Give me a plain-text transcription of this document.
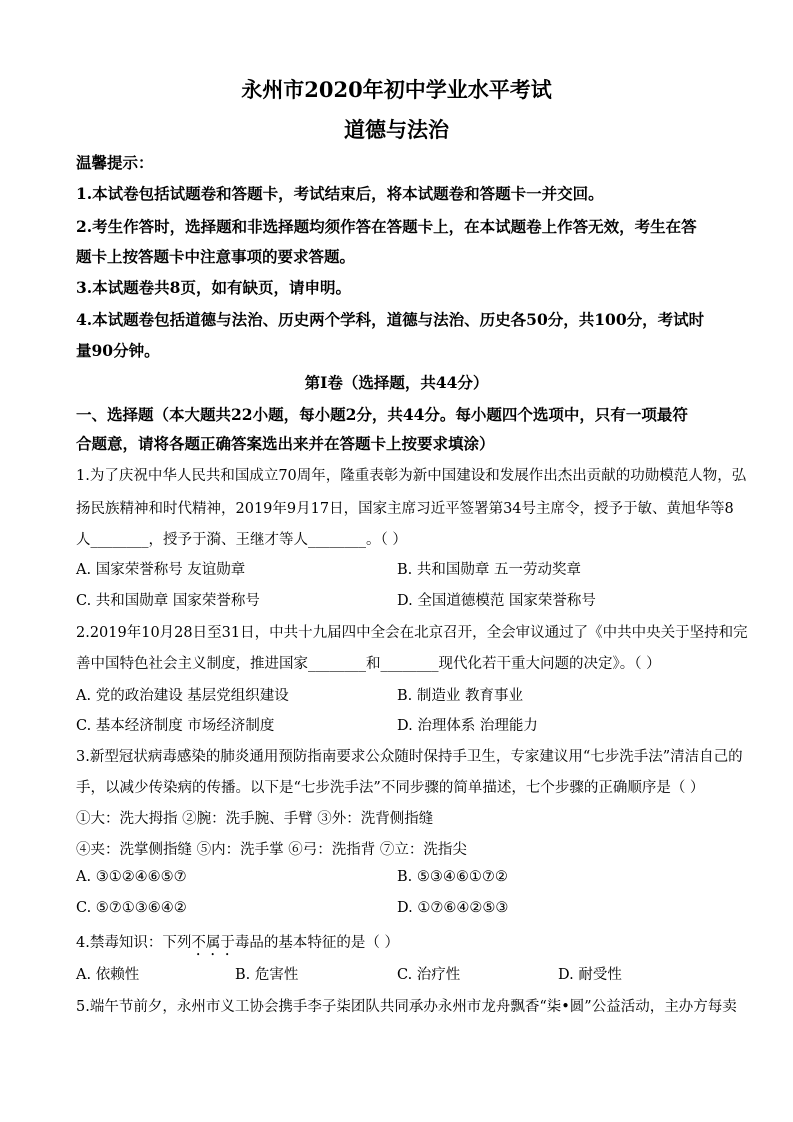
永州市2020年初中学业水平考试
道德与法治
温馨提示：
1.本试卷包括试题卷和答题卡，考试结束后，将本试题卷和答题卡一并交回。
2.考生作答时，选择题和非选择题均须作答在答题卡上，在本试题卷上作答无效，考生在答
题卡上按答题卡中注意事项的要求答题。
3.本试题卷共8页，如有缺页，请申明。
4.本试题卷包括道德与法治、历史两个学科，道德与法治、历史各50分，共100分，考试时
量90分钟。
第Ⅰ卷（选择题，共44分）
一、选择题（本大题共22小题，每小题2分，共44分。每小题四个选项中，只有一项最符
合题意，请将各题正确答案选出来并在答题卡上按要求填涂）
1.为了庆祝中华人民共和国成立70周年，隆重表彰为新中国建设和发展作出杰出贡献的功勋模范人物，弘
扬民族精神和时代精神，2019年9月17日，国家主席习近平签署第34号主席令，授予于敏、黄旭华等8
人________，授予于漪、王继才等人________。（ ）
A. 国家荣誉称号 友谊勋章	B. 共和国勋章 五一劳动奖章
C. 共和国勋章 国家荣誉称号	D. 全国道德模范 国家荣誉称号
2.2019年10月28日至31日，中共十九届四中全会在北京召开，全会审议通过了《中共中央关于坚持和完
善中国特色社会主义制度，推进国家________和________现代化若干重大问题的决定》。（ ）
A. 党的政治建设 基层党组织建设	B. 制造业 教育事业
C. 基本经济制度 市场经济制度	D. 治理体系 治理能力
3.新型冠状病毒感染的肺炎通用预防指南要求公众随时保持手卫生，专家建议用“七步洗手法”清洁自己的
手，以减少传染病的传播。以下是“七步洗手法”不同步骤的简单描述，七个步骤的正确顺序是（ ）
①大：洗大拇指 ②腕：洗手腕、手臂 ③外：洗背侧指缝
④夹：洗掌侧指缝 ⑤内：洗手掌 ⑥弓：洗指背 ⑦立：洗指尖
A. ③①②④⑥⑤⑦	B. ⑤③④⑥①⑦②
C. ⑤⑦①③⑥④②	D. ①⑦⑥④②⑤③
4.禁毒知识：下列不属于毒品的基本特征的是（ ）
A. 依赖性	B. 危害性	C. 治疗性	D. 耐受性
5.端午节前夕，永州市义工协会携手李子柒团队共同承办永州市龙舟飘香“柒•圆”公益活动，主办方每卖
